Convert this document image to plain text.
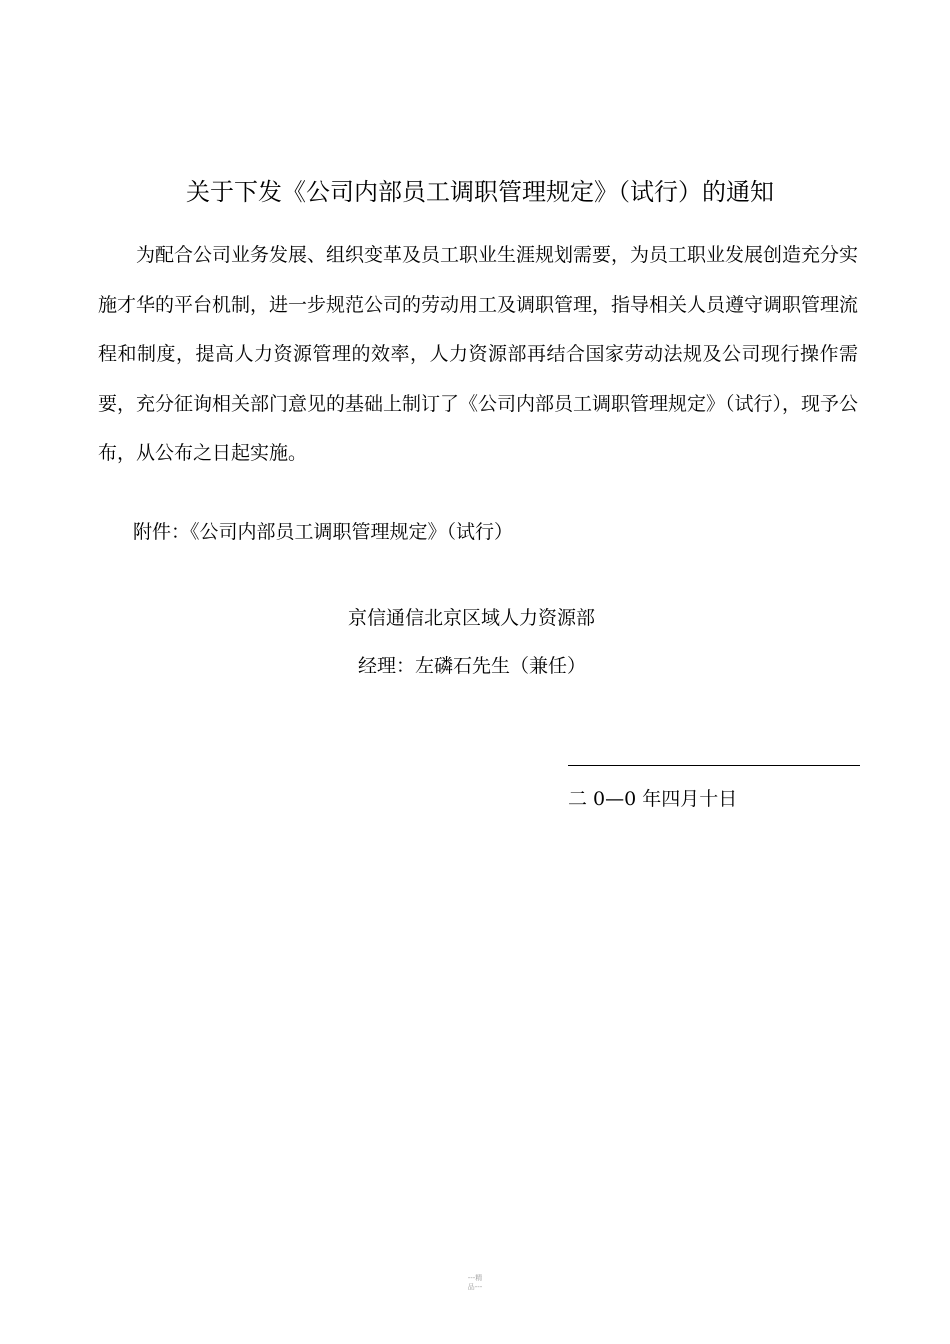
关于下发《公司内部员工调职管理规定》（试行）的通知

为配合公司业务发展、组织变革及员工职业生涯规划需要，为员工职业发展创造充分实施才华的平台机制，进一步规范公司的劳动用工及调职管理，指导相关人员遵守调职管理流程和制度，提高人力资源管理的效率，人力资源部再结合国家劳动法规及公司现行操作需要，充分征询相关部门意见的基础上制订了《公司内部员工调职管理规定》（试行），现予公布，从公布之日起实施。

附件：《公司内部员工调职管理规定》（试行）
京信通信北京区域人力资源部
经理：左磷石先生（兼任）
二 0—0 年四月十日
---精
品---
